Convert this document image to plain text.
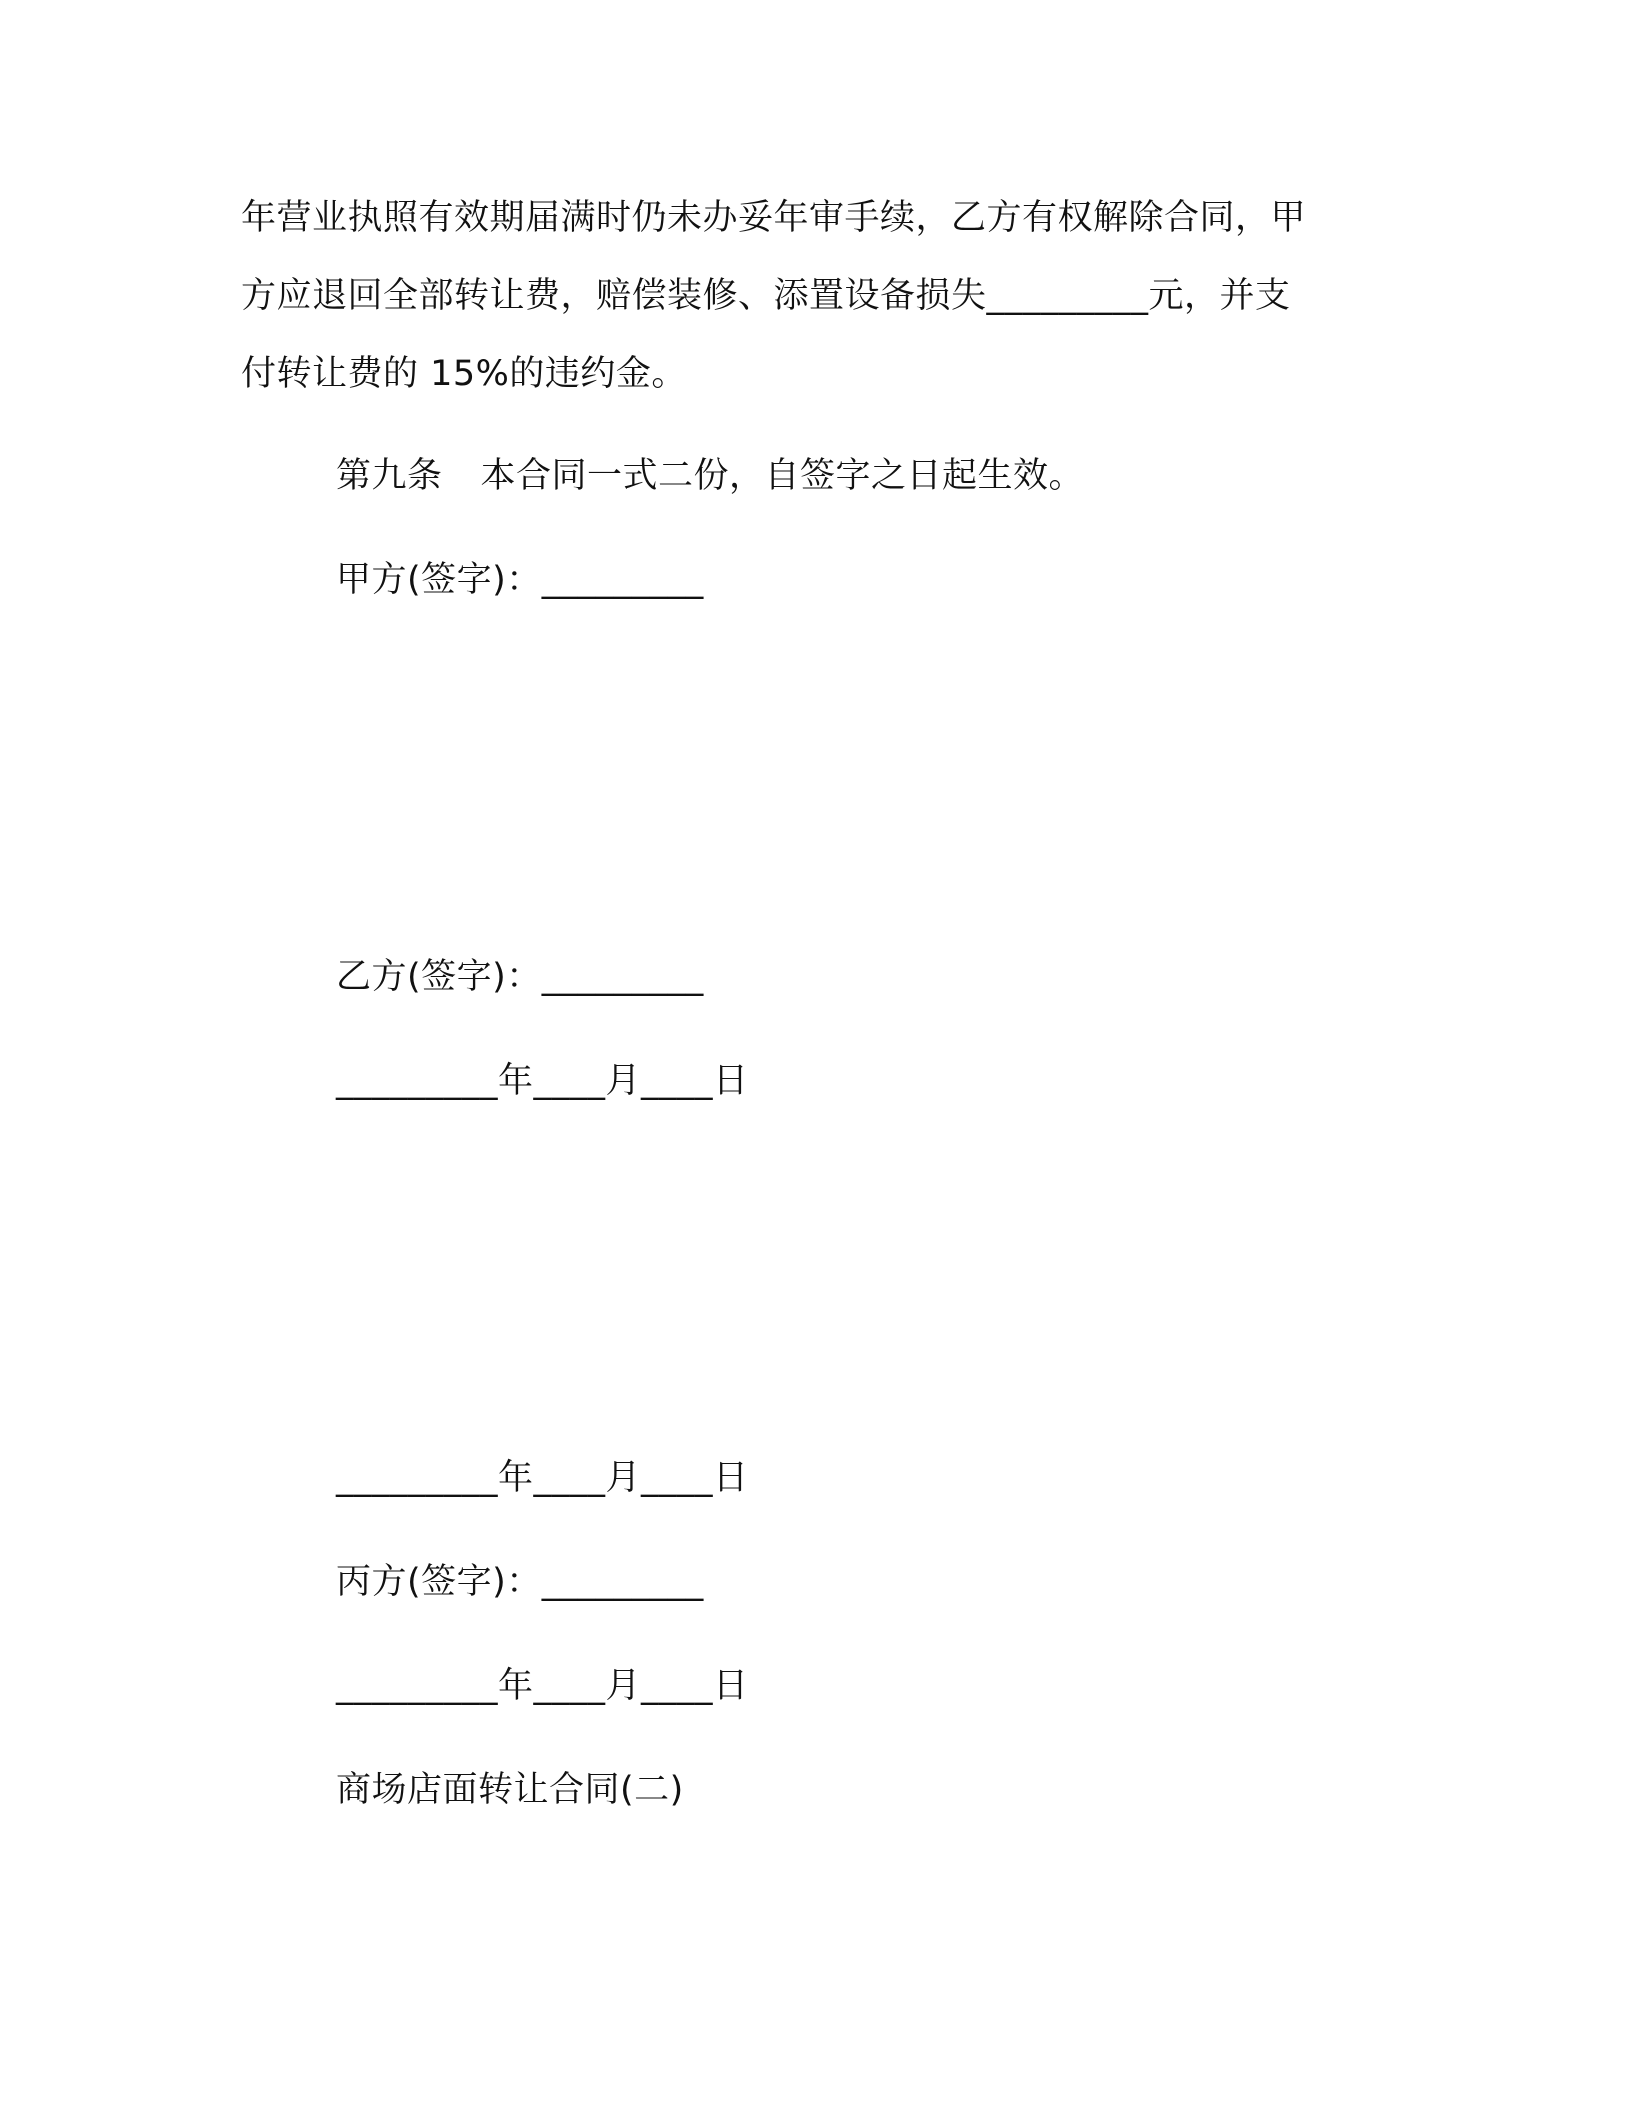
年营业执照有效期届满时仍未办妥年审手续，乙方有权解除合同，甲
方应退回全部转让费，赔偿装修、添置设备损失_________元，并支
付转让费的 15%的违约金。
第九条 本合同一式二份，自签字之日起生效。
甲方(签字)：_________
乙方(签字)：_________
_________年____月____日
_________年____月____日
丙方(签字)：_________
_________年____月____日
商场店面转让合同(二)
